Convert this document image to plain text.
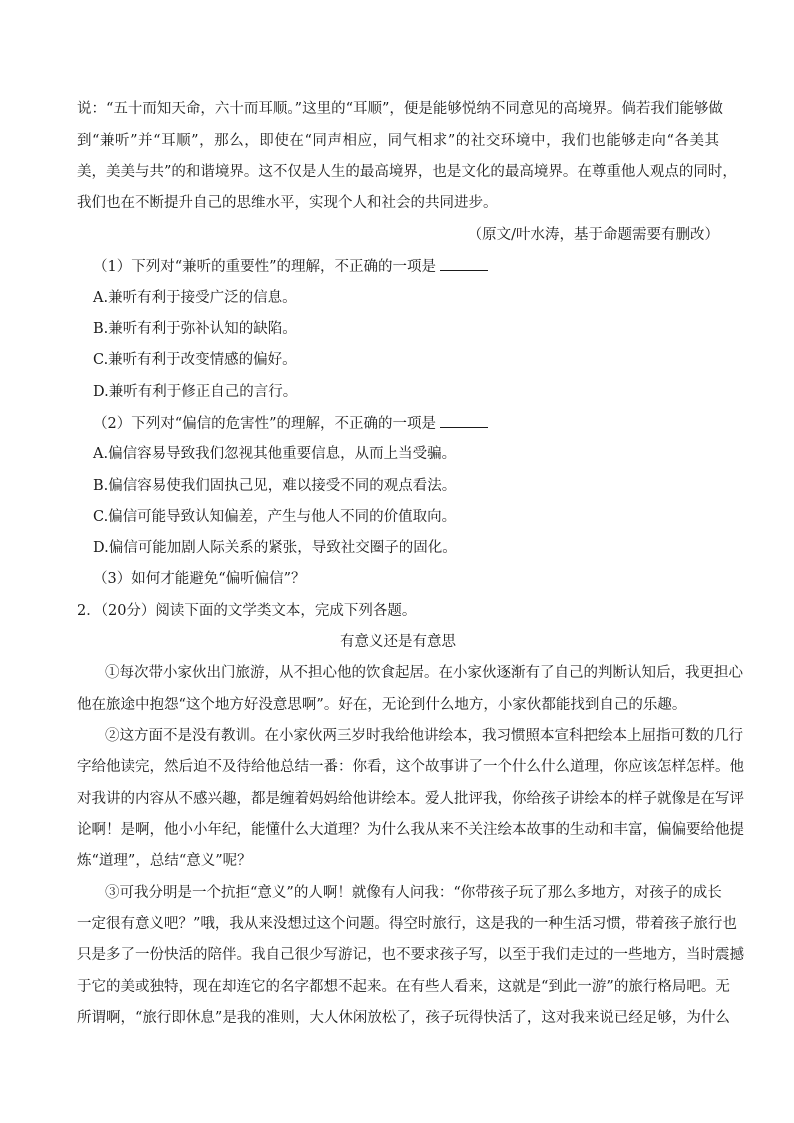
说：“五十而知天命，六十而耳顺。”这里的“耳顺”，便是能够悦纳不同意见的高境界。倘若我们能够做
到“兼听”并“耳顺”，那么，即使在“同声相应，同气相求”的社交环境中，我们也能够走向“各美其
美，美美与共”的和谐境界。这不仅是人生的最高境界，也是文化的最高境界。在尊重他人观点的同时，
我们也在不断提升自己的思维水平，实现个人和社会的共同进步。
（原文/叶水涛，基于命题需要有删改）
（1）下列对“兼听的重要性”的理解，不正确的一项是
A.兼听有利于接受广泛的信息。
B.兼听有利于弥补认知的缺陷。
C.兼听有利于改变情感的偏好。
D.兼听有利于修正自己的言行。
（2）下列对“偏信的危害性”的理解，不正确的一项是
A.偏信容易导致我们忽视其他重要信息，从而上当受骗。
B.偏信容易使我们固执己见，难以接受不同的观点看法。
C.偏信可能导致认知偏差，产生与他人不同的价值取向。
D.偏信可能加剧人际关系的紧张，导致社交圈子的固化。
（3）如何才能避免“偏听偏信”？
2．（20分）阅读下面的文学类文本，完成下列各题。
有意义还是有意思
①每次带小家伙出门旅游，从不担心他的饮食起居。在小家伙逐渐有了自己的判断认知后，我更担心
他在旅途中抱怨“这个地方好没意思啊”。好在，无论到什么地方，小家伙都能找到自己的乐趣。
②这方面不是没有教训。在小家伙两三岁时我给他讲绘本，我习惯照本宣科把绘本上屈指可数的几行
字给他读完，然后迫不及待给他总结一番：你看，这个故事讲了一个什么什么道理，你应该怎样怎样。他
对我讲的内容从不感兴趣，都是缠着妈妈给他讲绘本。爱人批评我，你给孩子讲绘本的样子就像是在写评
论啊！是啊，他小小年纪，能懂什么大道理？为什么我从来不关注绘本故事的生动和丰富，偏偏要给他提
炼“道理”，总结“意义”呢？
③可我分明是一个抗拒“意义”的人啊！就像有人问我：“你带孩子玩了那么多地方，对孩子的成长
一定很有意义吧？”哦，我从来没想过这个问题。得空时旅行，这是我的一种生活习惯，带着孩子旅行也
只是多了一份快活的陪伴。我自己很少写游记，也不要求孩子写，以至于我们走过的一些地方，当时震撼
于它的美或独特，现在却连它的名字都想不起来。在有些人看来，这就是“到此一游”的旅行格局吧。无
所谓啊，“旅行即休息”是我的准则，大人休闲放松了，孩子玩得快活了，这对我来说已经足够，为什么
